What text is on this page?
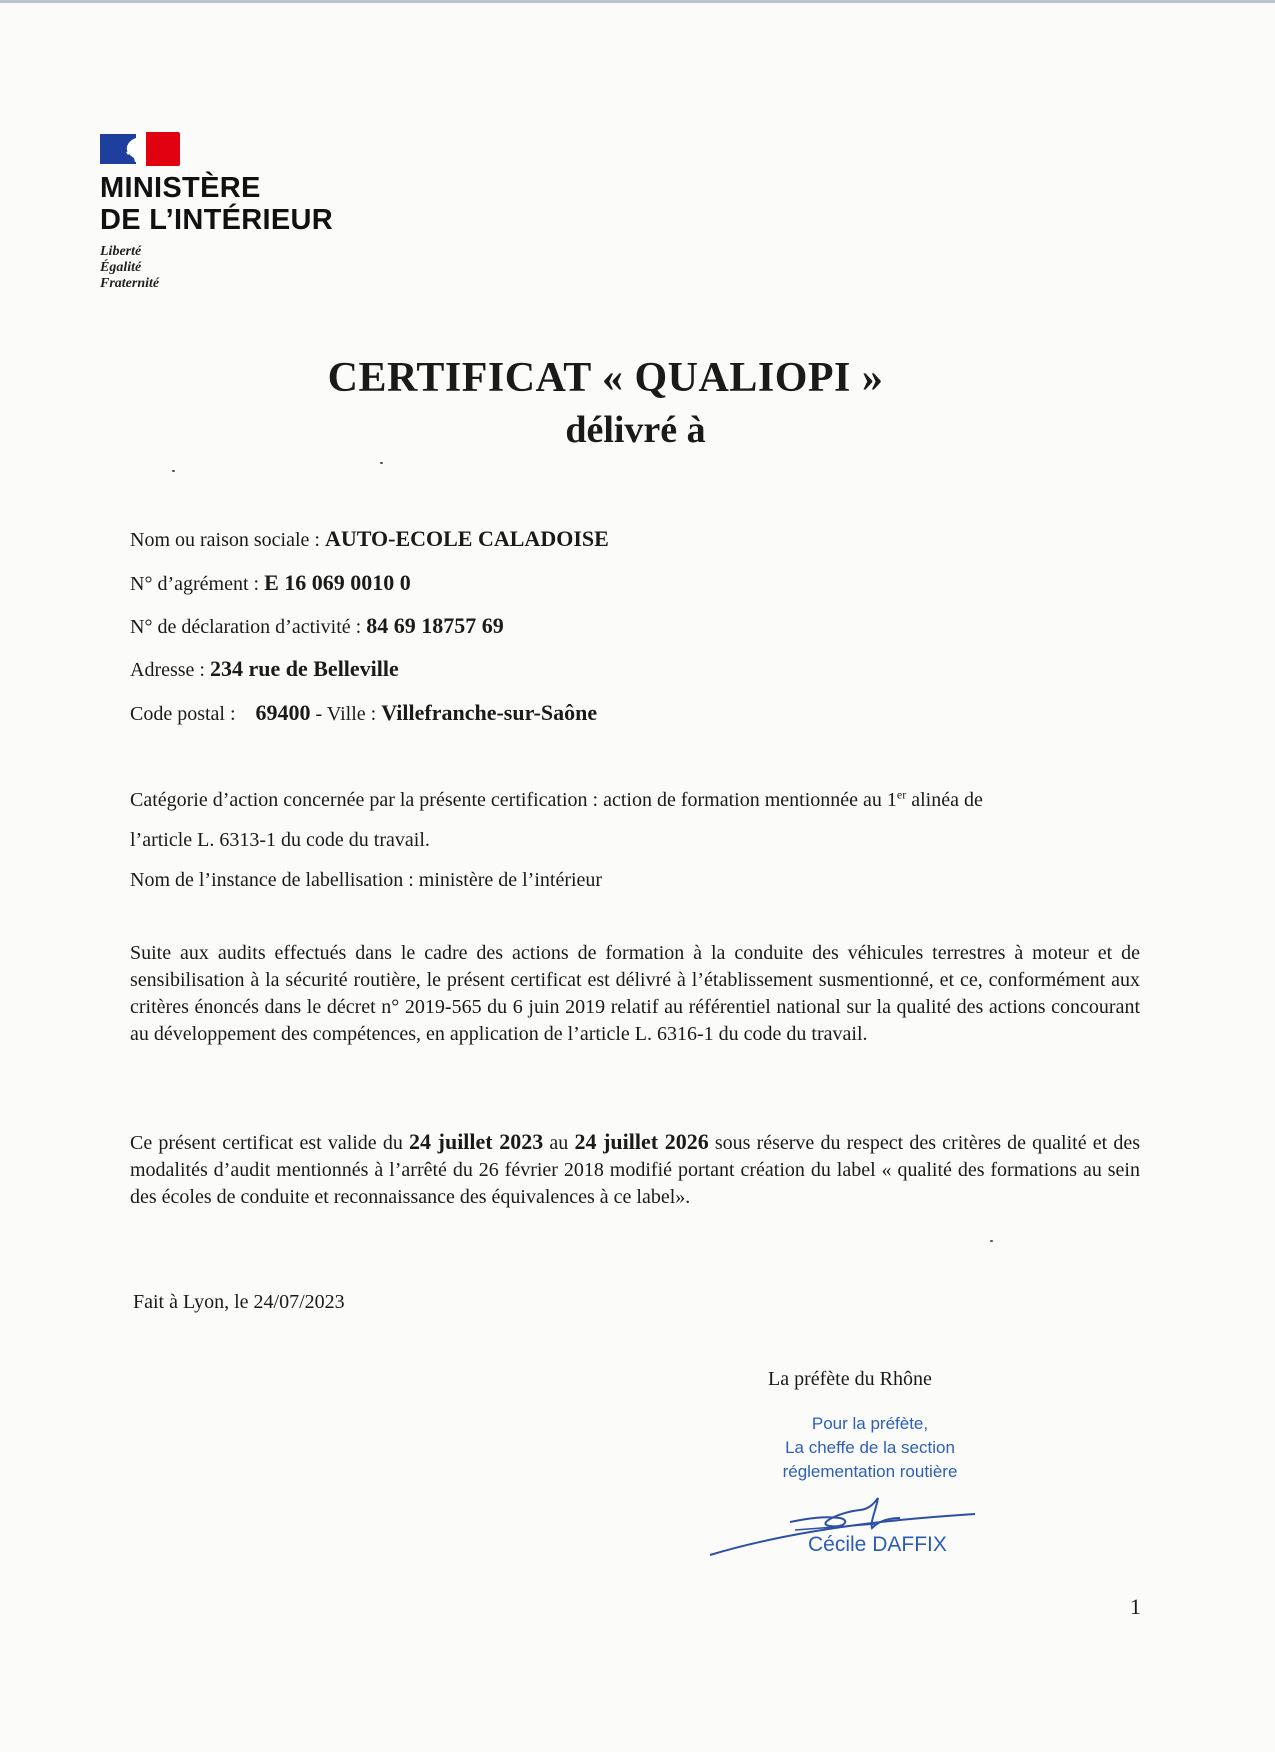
MINISTÈRE
DE L’INTÉRIEUR
Liberté
Égalité
Fraternité
CERTIFICAT « QUALIOPI »
délivré à
Nom ou raison sociale : AUTO-ECOLE CALADOISE
N° d’agrément : E 16 069 0010 0
N° de déclaration d’activité : 84 69 18757 69
Adresse : 234 rue de Belleville
Code postal :    69400 - Ville : Villefranche-sur-Saône
Catégorie d’action concernée par la présente certification : action de formation mentionnée au 1er alinéa de
l’article L. 6313-1 du code du travail.
Nom de l’instance de labellisation : ministère de l’intérieur
Suite aux audits effectués dans le cadre des actions de formation à la conduite des véhicules terrestres à moteur et de sensibilisation à la sécurité routière, le présent certificat est délivré à l’établissement susmentionné, et ce, conformément aux critères énoncés dans le décret n° 2019-565 du 6 juin 2019 relatif au référentiel national sur la qualité des actions concourant au développement des compétences, en application de l’article L. 6316-1 du code du travail.
Ce présent certificat est valide du 24 juillet 2023 au 24 juillet 2026 sous réserve du respect des critères de qualité et des modalités d’audit mentionnés à l’arrêté du 26 février 2018 modifié portant création du label « qualité des formations au sein des écoles de conduite et reconnaissance des équivalences à ce label».
Fait à Lyon, le 24/07/2023
La préfète du Rhône
Pour la préfète,
La cheffe de la section
réglementation routière
Cécile DAFFIX
1
